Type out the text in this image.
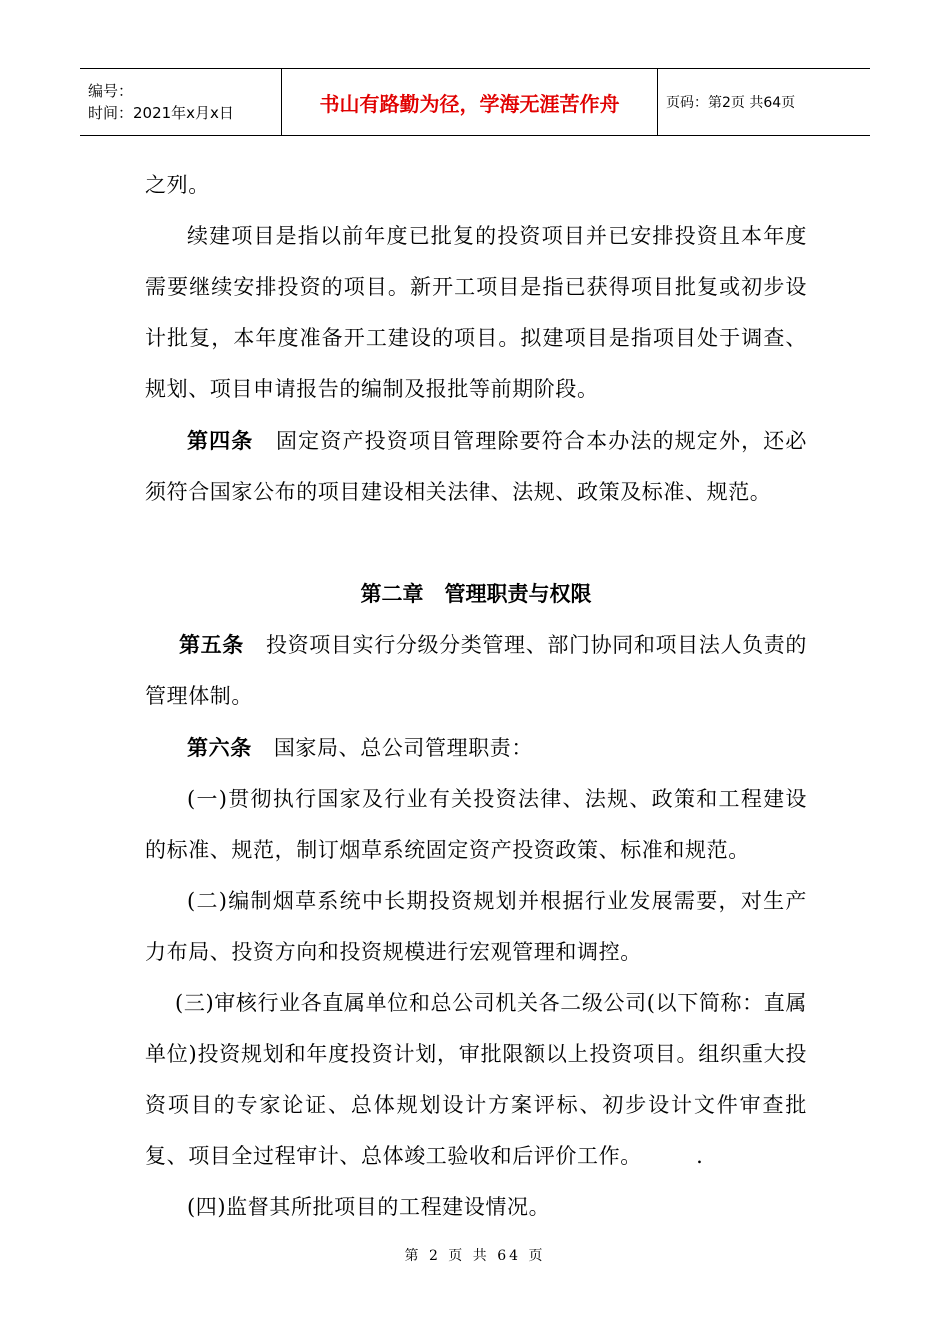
编号：
时间：2021年x月x日	书山有路勤为径，学海无涯苦作舟	页码：第2页 共64页

之列。

续建项目是指以前年度已批复的投资项目并已安排投资且本年度需要继续安排投资的项目。新开工项目是指已获得项目批复或初步设计批复，本年度准备开工建设的项目。拟建项目是指项目处于调查、规划、项目申请报告的编制及报批等前期阶段。

第四条 固定资产投资项目管理除要符合本办法的规定外，还必须符合国家公布的项目建设相关法律、法规、政策及标准、规范。

第二章　管理职责与权限

第五条 投资项目实行分级分类管理、部门协同和项目法人负责的管理体制。

第六条 国家局、总公司管理职责：

(一)贯彻执行国家及行业有关投资法律、法规、政策和工程建设的标准、规范，制订烟草系统固定资产投资政策、标准和规范。

(二)编制烟草系统中长期投资规划并根据行业发展需要，对生产力布局、投资方向和投资规模进行宏观管理和调控。

(三)审核行业各直属单位和总公司机关各二级公司(以下简称：直属单位)投资规划和年度投资计划，审批限额以上投资项目。组织重大投资项目的专家论证、总体规划设计方案评标、初步设计文件审查批复、项目全过程审计、总体竣工验收和后评价工作。　　　.

(四)监督其所批项目的工程建设情况。

第 2 页 共 64 页
